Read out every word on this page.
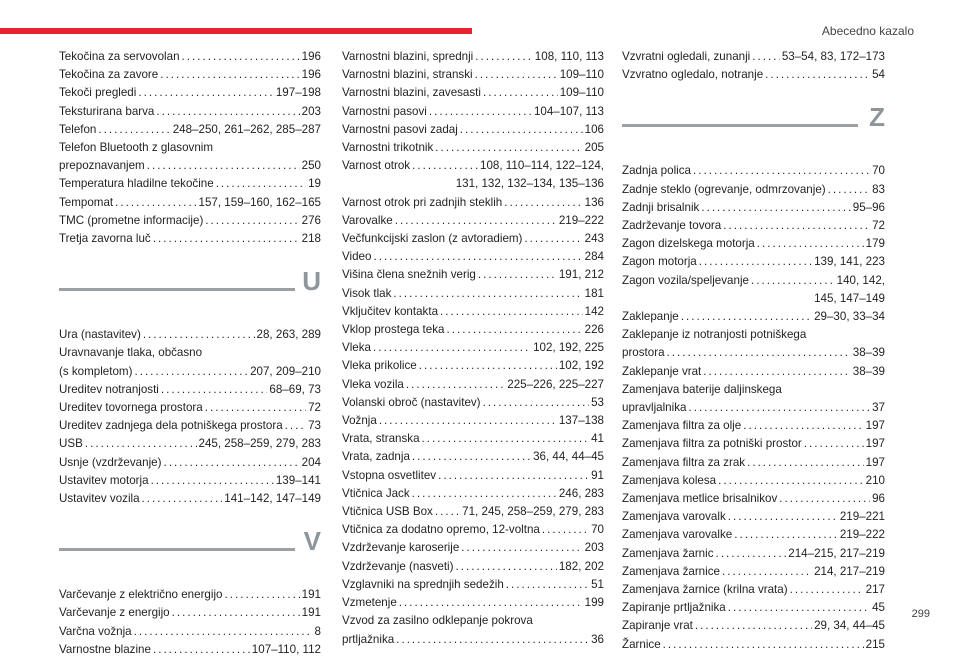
Abecedno kazalo
Tekočina za servovolan . . .	196
Tekočina za zavore . . .	196
Tekoči pregledi . . .	197–198
Teksturirana barva . . .	203
Telefon . . .	248–250, 261–262, 285–287
Telefon Bluetooth z glasovnim
prepoznavanjem . . .	250
Temperatura hladilne tekočine . . .	19
Tempomat . . .	157, 159–160, 162–165
TMC (prometne informacije) . . .	276
Tretja zavorna luč . . .	218
U
Ura (nastavitev) . . .	28, 263, 289
Uravnavanje tlaka, občasno
(s kompletom) . . .	207, 209–210
Ureditev notranjosti . . .	68–69, 73
Ureditev tovornega prostora . . .	72
Ureditev zadnjega dela potniškega prostora . . . 73
USB . . .	245, 258–259, 279, 283
Usnje (vzdrževanje) . . .	204
Ustavitev motorja . . .	139–141
Ustavitev vozila . . .	141–142, 147–149
V
Varčevanje z električno energijo . . .	191
Varčevanje z energijo . . .	191
Varčna vožnja . . .	8
Varnostne blazine . . .	107–110, 112
Varnostni blazini, sprednji . . .	108, 110, 113
Varnostni blazini, stranski . . .	109–110
Varnostni blazini, zavesasti . . .	109–110
Varnostni pasovi . . .	104–107, 113
Varnostni pasovi zadaj . . .	106
Varnostni trikotnik . . .	205
Varnost otrok . . .	108, 110–114, 122–124,
131, 132, 132–134, 135–136
Varnost otrok pri zadnjih steklih . . .	136
Varovalke . . .	219–222
Večfunkcijski zaslon (z avtoradiem) . . .	243
Video . . .	284
Višina člena snežnih verig . . .	191, 212
Visok tlak . . .	181
Vključitev kontakta . . .	142
Vklop prostega teka . . .	226
Vleka . . .	102, 192, 225
Vleka prikolice . . .	102, 192
Vleka vozila . . .	225–226, 225–227
Volanski obroč (nastavitev) . . .	53
Vožnja . . .	137–138
Vrata, stranska . . .	41
Vrata, zadnja . . .	36, 44, 44–45
Vstopna osvetlitev . . .	91
Vtičnica Jack . . .	246, 283
Vtičnica USB Box . . .	71, 245, 258–259, 279, 283
Vtičnica za dodatno opremo, 12-voltna . . .	70
Vzdrževanje karoserije . . .	203
Vzdrževanje (nasveti) . . .	182, 202
Vzglavniki na sprednjih sedežih . . .	51
Vzmetenje . . .	199
Vzvod za zasilno odklepanje pokrova
prtljažnika . . .	36
Vzvratni ogledali, zunanji . . .	53–54, 83, 172–173
Vzvratno ogledalo, notranje . . .	54
Z
Zadnja polica . . .	70
Zadnje steklo (ogrevanje, odmrzovanje) . . .	83
Zadnji brisalnik . . .	95–96
Zadrževanje tovora . . .	72
Zagon dizelskega motorja . . .	179
Zagon motorja . . .	139, 141, 223
Zagon vozila/speljevanje . . .	140, 142,
145, 147–149
Zaklepanje . . .	29–30, 33–34
Zaklepanje iz notranjosti potniškega
prostora . . .	38–39
Zaklepanje vrat . . .	38–39
Zamenjava baterije daljinskega
upravljalnika . . .	37
Zamenjava filtra za olje . . .	197
Zamenjava filtra za potniški prostor . . .	197
Zamenjava filtra za zrak . . .	197
Zamenjava kolesa . . .	210
Zamenjava metlice brisalnikov . . .	96
Zamenjava varovalk . . .	219–221
Zamenjava varovalke . . .	219–222
Zamenjava žarnic . . .	214–215, 217–219
Zamenjava žarnice . . .	214, 217–219
Zamenjava žarnice (krilna vrata) . . .	217
Zapiranje prtljažnika . . .	45
Zapiranje vrat . . .	29, 34, 44–45
Žarnice . . .	215
299
